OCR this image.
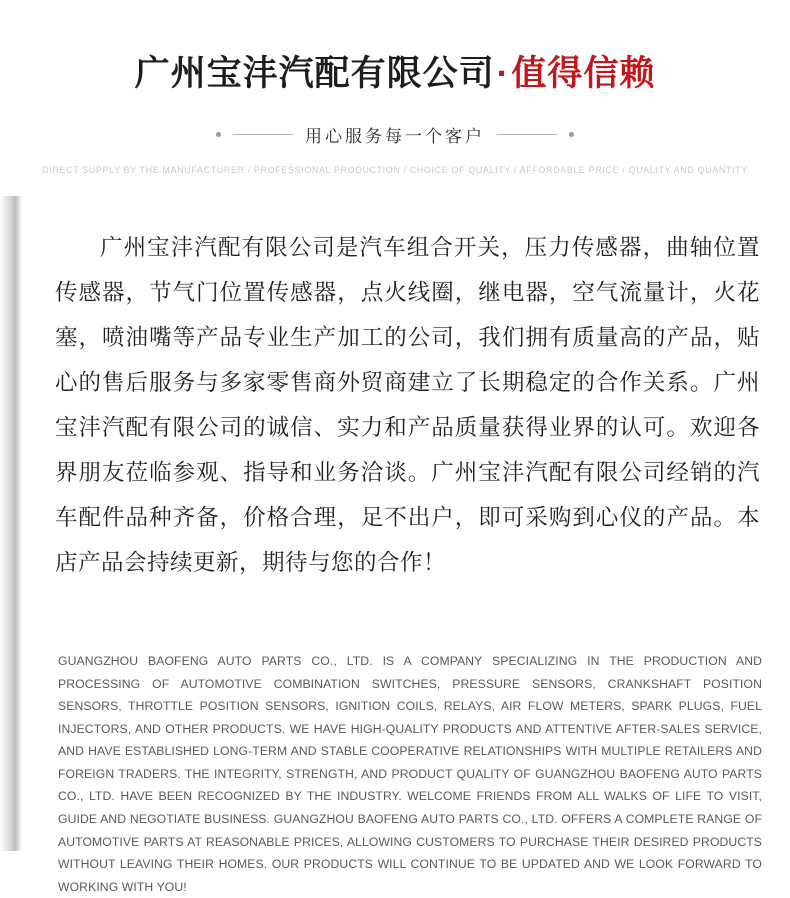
广州宝沣汽配有限公司·值得信赖
用心服务每一个客户
DIRECT SUPPLY BY THE MANUFACTURER / PROFESSIONAL PRODUCTION / CHOICE OF QUALITY / AFFORDABLE PRICE / QUALITY AND QUANTITY

广州宝沣汽配有限公司是汽车组合开关，压力传感器，曲轴位置传感器，节气门位置传感器，点火线圈，继电器，空气流量计，火花塞，喷油嘴等产品专业生产加工的公司，我们拥有质量高的产品，贴心的售后服务与多家零售商外贸商建立了长期稳定的合作关系。广州宝沣汽配有限公司的诚信、实力和产品质量获得业界的认可。欢迎各界朋友莅临参观、指导和业务洽谈。广州宝沣汽配有限公司经销的汽车配件品种齐备，价格合理，足不出户，即可采购到心仪的产品。本店产品会持续更新，期待与您的合作！

GUANGZHOU BAOFENG AUTO PARTS CO., LTD. IS A COMPANY SPECIALIZING IN THE PRODUCTION AND PROCESSING OF AUTOMOTIVE COMBINATION SWITCHES, PRESSURE SENSORS, CRANKSHAFT POSITION SENSORS, THROTTLE POSITION SENSORS, IGNITION COILS, RELAYS, AIR FLOW METERS, SPARK PLUGS, FUEL INJECTORS, AND OTHER PRODUCTS. WE HAVE HIGH-QUALITY PRODUCTS AND ATTENTIVE AFTER-SALES SERVICE, AND HAVE ESTABLISHED LONG-TERM AND STABLE COOPERATIVE RELATIONSHIPS WITH MULTIPLE RETAILERS AND FOREIGN TRADERS. THE INTEGRITY, STRENGTH, AND PRODUCT QUALITY OF GUANGZHOU BAOFENG AUTO PARTS CO., LTD. HAVE BEEN RECOGNIZED BY THE INDUSTRY. WELCOME FRIENDS FROM ALL WALKS OF LIFE TO VISIT, GUIDE AND NEGOTIATE BUSINESS. GUANGZHOU BAOFENG AUTO PARTS CO., LTD. OFFERS A COMPLETE RANGE OF AUTOMOTIVE PARTS AT REASONABLE PRICES, ALLOWING CUSTOMERS TO PURCHASE THEIR DESIRED PRODUCTS WITHOUT LEAVING THEIR HOMES. OUR PRODUCTS WILL CONTINUE TO BE UPDATED AND WE LOOK FORWARD TO WORKING WITH YOU!
